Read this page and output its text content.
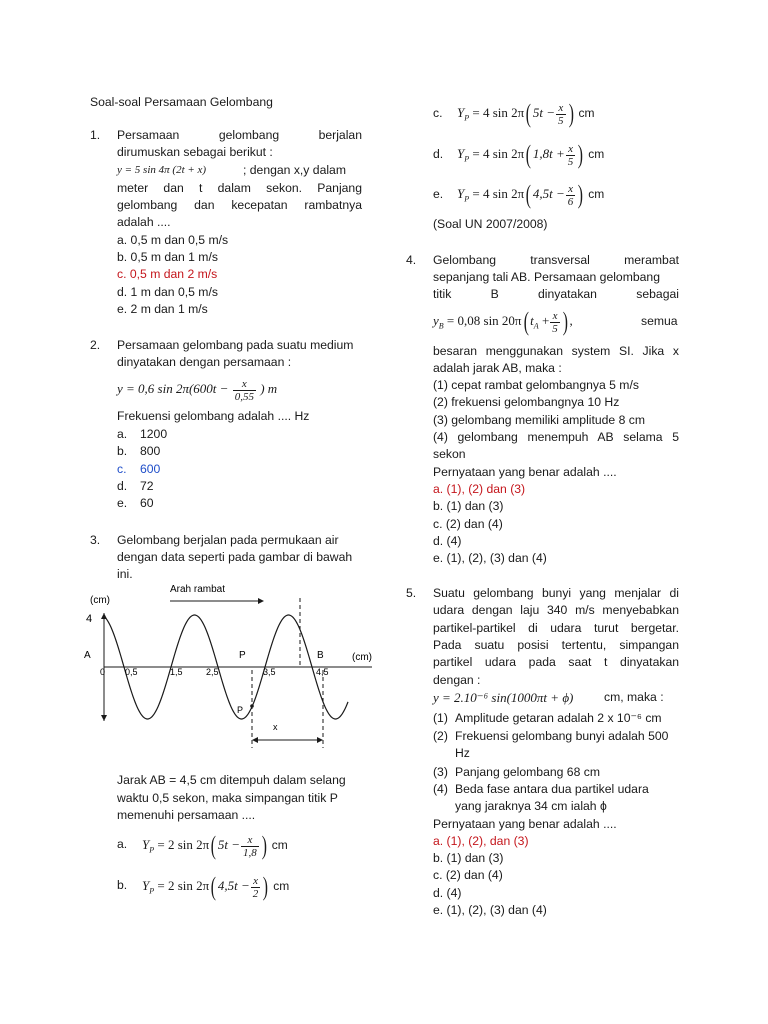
Soal-soal Persamaan Gelombang
1. Persamaan	gelombang	berjalan
dirumuskan sebagai berikut :
y = 5 sin 4π (2t + x)	; dengan x,y dalam
meter dan t dalam sekon. Panjang
gelombang dan kecepatan rambatnya
adalah ....
a. 0,5 m dan 0,5 m/s
b. 0,5 m dan 1 m/s
c. 0,5 m dan 2 m/s
d. 1 m dan 0,5 m/s
e. 2 m dan 1 m/s
2. Persamaan gelombang pada suatu medium
dinyatakan dengan persamaan :
y = 0,6 $\sin 2\pi(600t - \frac{x}{0,55}$ ) m
Frekuensi gelombang adalah .... Hz
a. 1200
b. 800
c. 600
d. 72
e. 60
3. Gelombang berjalan pada permukaan air
dengan data seperti pada gambar di bawah
ini.
Arah rambat
(cm)
4
(cm)
A	B
P
0 0,5	1,5	2,5	3,5	4,5
P
x
Jarak AB = 4,5 cm ditempuh dalam selang
waktu 0,5 sekon, maka simpangan titik P
memenuhi persamaan ....
a. $Y_P = 2$ sin 2π( $5t - \frac{x}{1,8}$ ) cm
b. $Y_P = 2$ sin 2π( $4,5t - \frac{x}{2}$ ) cm
c. $Y_P = 4$ sin 2π( $5t - \frac{x}{5}$ ) cm
d. $Y_P = 4$ sin 2π( $1,8t + \frac{x}{5}$ ) cm
e. $Y_P = 4$ sin 2π( $4,5t - \frac{x}{6}$ ) cm
(Soal UN 2007/2008)
4. Gelombang	transversal	merambat
sepanjang tali AB. Persamaan gelombang
titik	B	dinyatakan	sebagai
$y_B = 0,08$ sin 20π( $t_A + \frac{x}{5}$ ) ,	semua
besaran menggunakan system SI. Jika x
adalah jarak AB, maka :
(1) cepat rambat gelombangnya 5 m/s
(2) frekuensi gelombangnya 10 Hz
(3) gelombang memiliki amplitude 8 cm
(4) gelombang menempuh AB selama 5
sekon
Pernyataan yang benar adalah ....
a. (1), (2) dan (3)
b. (1) dan (3)
c. (2) dan (4)
d. (4)
e. (1), (2), (3) dan (4)
5. Suatu gelombang bunyi yang menjalar di
udara dengan laju 340 m/s menyebabkan
partikel-partikel di udara turut bergetar.
Pada suatu posisi tertentu, simpangan
partikel udara pada saat t dinyatakan
dengan :
y = 2.10⁻⁶ sin(1000πt + ϕ)	cm, maka :
(1) Amplitude getaran adalah 2 x 10⁻⁶ cm
(2) Frekuensi gelombang bunyi adalah 500
Hz
(3) Panjang gelombang 68 cm
(4) Beda fase antara dua partikel udara
yang jaraknya 34 cm ialah ϕ
Pernyataan yang benar adalah ....
a. (1), (2), dan (3)
b. (1) dan (3)
c. (2) dan (4)
d. (4)
e. (1), (2), (3) dan (4)
